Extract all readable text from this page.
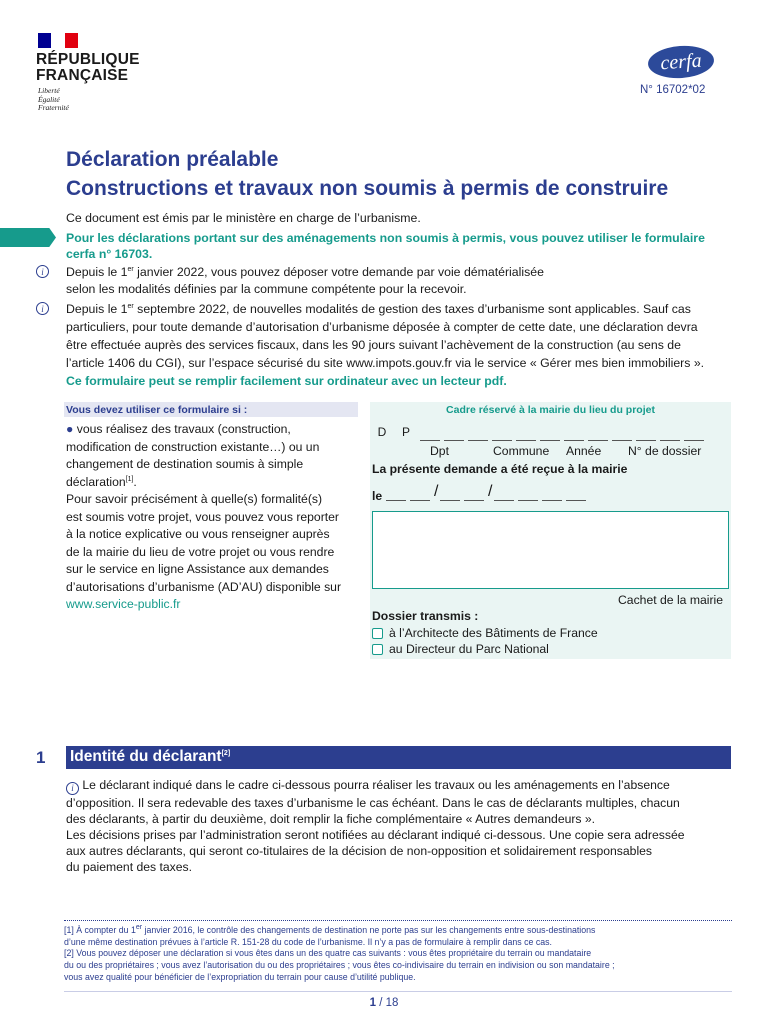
RÉPUBLIQUE
FRANÇAISE
Liberté
Égalité
Fraternité
cerfa
N° 16702*02
Déclaration préalable
Constructions et travaux non soumis à permis de construire
Ce document est émis par le ministère en charge de l’urbanisme.
Pour les déclarations portant sur des aménagements non soumis à permis, vous pouvez utiliser le formulaire
cerfa n° 16703.
i	Depuis le 1er janvier 2022, vous pouvez déposer votre demande par voie dématérialisée
selon les modalités définies par la commune compétente pour la recevoir.
i	Depuis le 1er septembre 2022, de nouvelles modalités de gestion des taxes d’urbanisme sont applicables. Sauf cas
particuliers, pour toute demande d’autorisation d’urbanisme déposée à compter de cette date, une déclaration devra
être effectuée auprès des services fiscaux, dans les 90 jours suivant l’achèvement de la construction (au sens de
l’article 1406 du CGI), sur l’espace sécurisé du site www.impots.gouv.fr via le service « Gérer mes bien immobiliers ».
Ce formulaire peut se remplir facilement sur ordinateur avec un lecteur pdf.
Vous devez utiliser ce formulaire si :
● vous réalisez des travaux (construction,
modification de construction existante…) ou un
changement de destination soumis à simple
déclaration[1].
Pour savoir précisément à quelle(s) formalité(s)
est soumis votre projet, vous pouvez vous reporter
à la notice explicative ou vous renseigner auprès
de la mairie du lieu de votre projet ou vous rendre
sur le service en ligne Assistance aux demandes
d’autorisations d’urbanisme (AD’AU) disponible sur
www.service-public.fr
Cadre réservé à la mairie du lieu du projet
D	P
Dpt	Commune Année N° de dossier
La présente demande a été reçue à la mairie
le	/	/
Cachet de la mairie
Dossier transmis :
à l’Architecte des Bâtiments de France
au Directeur du Parc National
1 Identité du déclarant[2]
i Le déclarant indiqué dans le cadre ci-dessous pourra réaliser les travaux ou les aménagements en l’absence
d’opposition. Il sera redevable des taxes d’urbanisme le cas échéant. Dans le cas de déclarants multiples, chacun
des déclarants, à partir du deuxième, doit remplir la fiche complémentaire « Autres demandeurs ».
Les décisions prises par l’administration seront notifiées au déclarant indiqué ci-dessous. Une copie sera adressée
aux autres déclarants, qui seront co-titulaires de la décision de non-opposition et solidairement responsables
du paiement des taxes.
[1] À compter du 1er janvier 2016, le contrôle des changements de destination ne porte pas sur les changements entre sous-destinations
d’une même destination prévues à l’article R. 151-28 du code de l’urbanisme. Il n’y a pas de formulaire à remplir dans ce cas.
[2] Vous pouvez déposer une déclaration si vous êtes dans un des quatre cas suivants : vous êtes propriétaire du terrain ou mandataire
du ou des propriétaires ; vous avez l’autorisation du ou des propriétaires ; vous êtes co-indivisaire du terrain en indivision ou son mandataire ;
vous avez qualité pour bénéficier de l’expropriation du terrain pour cause d’utilité publique.
1 / 18
